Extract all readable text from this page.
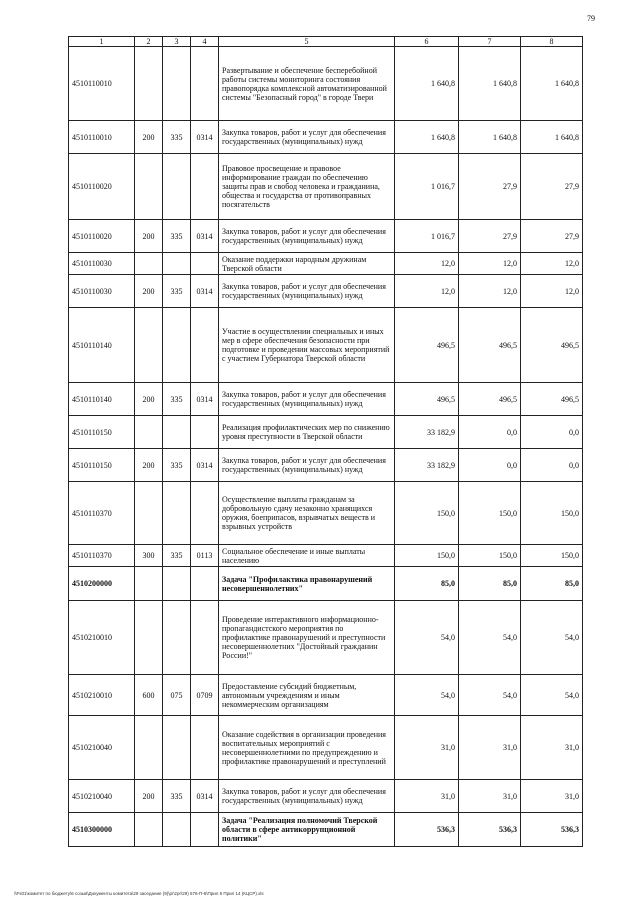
79
1	2	3	4	5	6	7	8
4510110010				Развертывание и обеспечение бесперебойной работы системы мониторинга состояния правопорядка комплексной автоматизированной системы "Безопасный город" в городе Твери	1 640,8	1 640,8	1 640,8
4510110010	200	335	0314	Закупка товаров, работ и услуг для обеспечения государственных (муниципальных) нужд	1 640,8	1 640,8	1 640,8
4510110020				Правовое просвещение и правовое информирование граждан по обеспечению защиты прав и свобод человека и гражданина, общества и государства от противоправных посягательств	1 016,7	27,9	27,9
4510110020	200	335	0314	Закупка товаров, работ и услуг для обеспечения государственных (муниципальных) нужд	1 016,7	27,9	27,9
4510110030				Оказание поддержки народным дружинам Тверской области	12,0	12,0	12,0
4510110030	200	335	0314	Закупка товаров, работ и услуг для обеспечения государственных (муниципальных) нужд	12,0	12,0	12,0
4510110140				Участие в осуществлении специальных и иных мер в сфере обеспечения безопасности при подготовке и проведении массовых мероприятий с участием Губернатора Тверской области	496,5	496,5	496,5
4510110140	200	335	0314	Закупка товаров, работ и услуг для обеспечения государственных (муниципальных) нужд	496,5	496,5	496,5
4510110150				Реализация профилактических мер по снижению уровня преступности в Тверской области	33 182,9	0,0	0,0
4510110150	200	335	0314	Закупка товаров, работ и услуг для обеспечения государственных (муниципальных) нужд	33 182,9	0,0	0,0
4510110370				Осуществление выплаты гражданам за добровольную сдачу незаконно хранящихся оружия, боеприпасов, взрывчатых веществ и взрывных устройств	150,0	150,0	150,0
4510110370	300	335	0113	Социальное обеспечение и иные выплаты населению	150,0	150,0	150,0
4510200000				Задача "Профилактика правонарушений несовершеннолетних"	85,0	85,0	85,0
4510210010				Проведение интерактивного информационно-пропагандистского мероприятия по профилактике правонарушений и преступности несовершеннолетних "Достойный гражданин России!"	54,0	54,0	54,0
4510210010	600	075	0709	Предоставление субсидий бюджетным, автономным учреждениям и иным некоммерческим организациям	54,0	54,0	54,0
4510210040				Оказание содействия в организации проведения воспитательных мероприятий с несовершеннолетними по предупреждению и профилактике правонарушений и преступлений	31,0	31,0	31,0
4510210040	200	335	0314	Закупка товаров, работ и услуг для обеспечения государственных (муниципальных) нужд	31,0	31,0	31,0
4510300000				Задача "Реализация полномочий Тверской области в сфере антикоррупционной политики"	536,3	536,3	536,3
\\Fs01\комитет по бюджету\6 созыв\Документы комитета\29 заседание (9)\pr\zpr\29) 576-П-6\Прил 5 Прил 14 (КЦСР).xls
